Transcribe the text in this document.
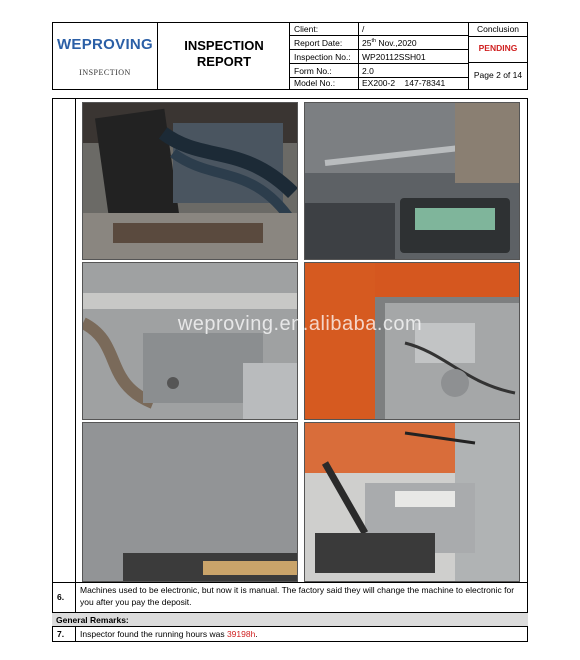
WEPROVING
INSPECTION
INSPECTION
REPORT
Client:	/
Report Date: 25th Nov.,2020
Inspection No.: WP20112SSH01
Form No.:	2.0
Model No.:	EX200-2    147-78341
Conclusion
PENDING
Page 2 of 14
weproving.en.alibaba.com
6.
Machines used to be electronic, but now it is manual. The factory said they will change the machine to electronic for you after you pay the deposit.
General Remarks:
7. Inspector found the running hours was 39198h.
